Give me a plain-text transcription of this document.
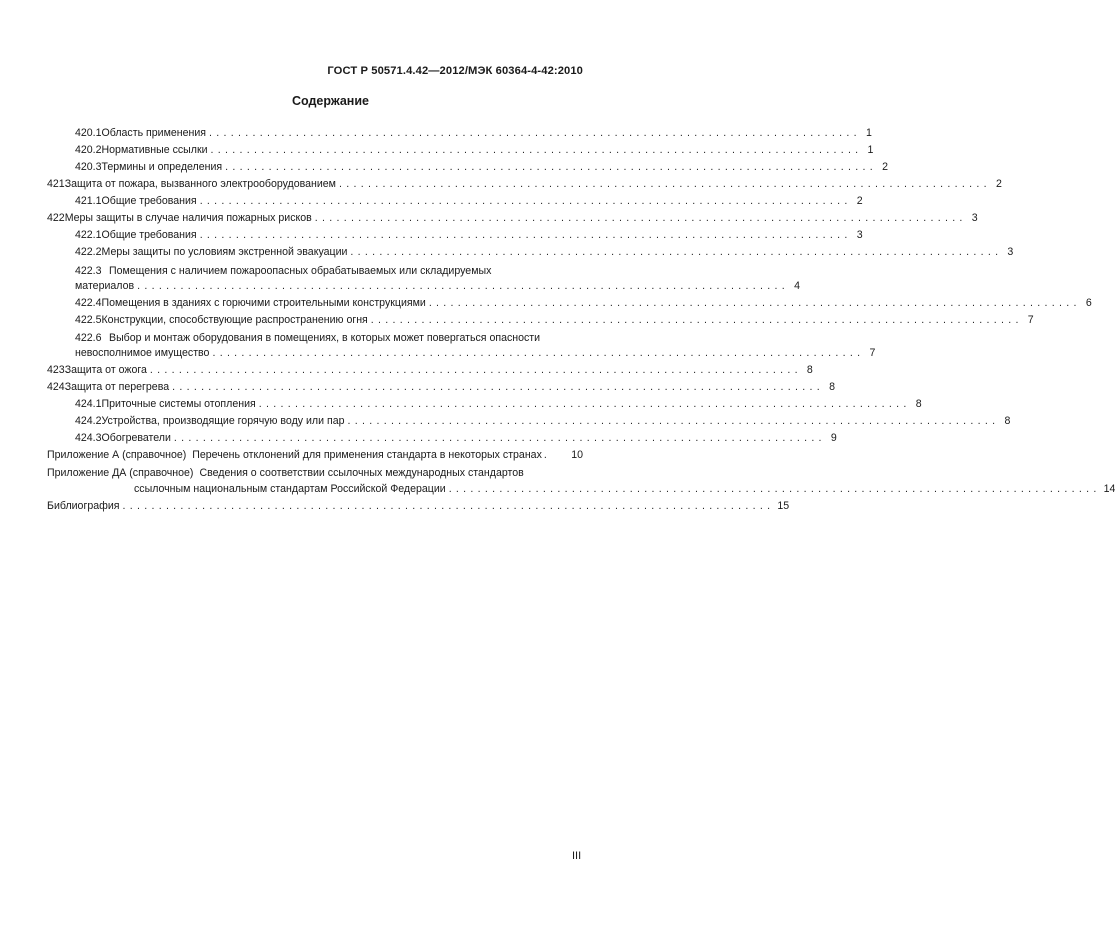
ГОСТ Р 50571.4.42—2012/МЭК 60364-4-42:2010
Содержание
420.1 Область применения .......................................................................................... 1
420.2 Нормативные ссылки .......................................................................................... 1
420.3 Термины и определения .......................................................................................... 2
421 Защита от пожара, вызванного электрооборудованием .......................................................................................... 2
421.1 Общие требования .......................................................................................... 2
422 Меры защиты в случае наличия пожарных рисков .......................................................................................... 3
422.1 Общие требования .......................................................................................... 3
422.2 Меры защиты по условиям экстренной эвакуации .......................................................................................... 3
422.3 Помещения с наличием пожароопасных обрабатываемых или складируемых
материалов .......................................................................................... 4
422.4 Помещения в зданиях с горючими строительными конструкциями .......................................................................................... 6
422.5 Конструкции, способствующие распространению огня .......................................................................................... 7
422.6 Выбор и монтаж оборудования в помещениях, в которых может повергаться опасности
невосполнимое имущество .......................................................................................... 7
423 Защита от ожога .......................................................................................... 8
424 Защита от перегрева .......................................................................................... 8
424.1 Приточные системы отопления .......................................................................................... 8
424.2 Устройства, производящие горячую воду или пар .......................................................................................... 8
424.3 Обогреватели .......................................................................................... 9
Приложение А (справочное) Перечень отклонений для применения стандарта в некоторых странах .	10
Приложение ДА (справочное) Сведения о соответствии ссылочных международных стандартов
ссылочным национальным стандартам Российской Федерации .......................................................................................... 14
Библиография .......................................................................................... 15
III
